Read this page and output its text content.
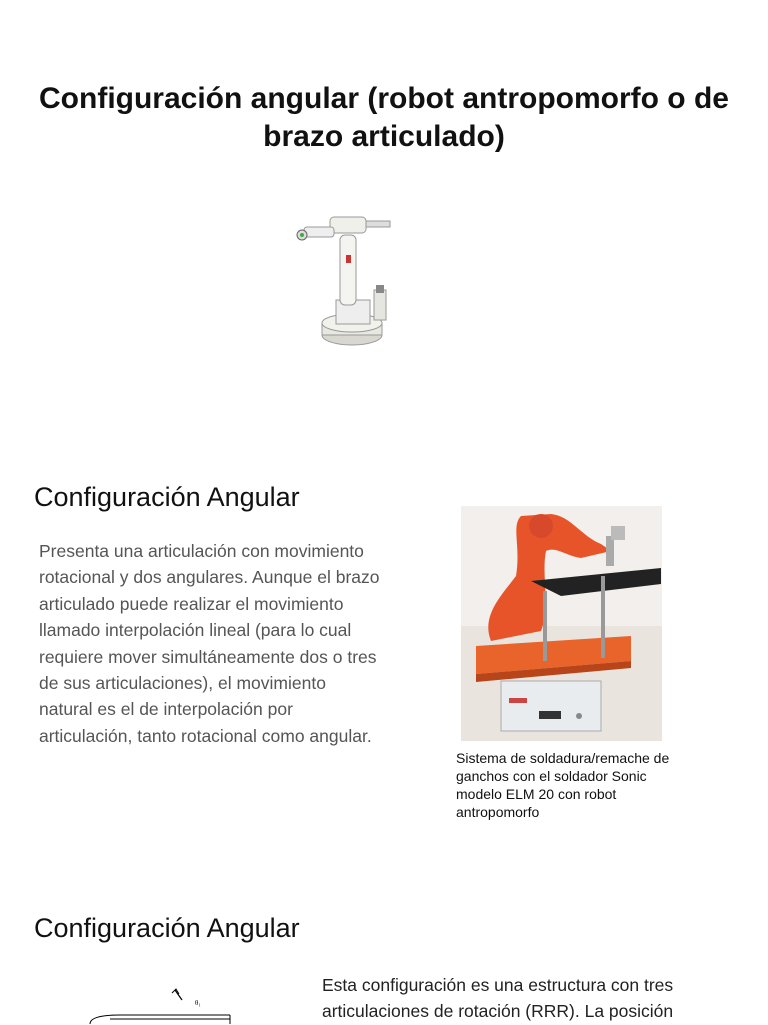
Configuración angular (robot antropomorfo o de brazo articulado)
Configuración Angular
Presenta una articulación con movimiento rotacional y dos angulares. Aunque el brazo articulado puede realizar el movimiento llamado interpolación lineal (para lo cual requiere mover simultáneamente dos o tres de sus articulaciones), el movimiento natural es el de interpolación por articulación, tanto rotacional como angular.
Sistema de soldadura/remache de ganchos con el soldador Sonic modelo ELM 20 con robot antropomorfo
Configuración Angular
θ₁
Esta configuración es una estructura con tres articulaciones de rotación (RRR). La posición
